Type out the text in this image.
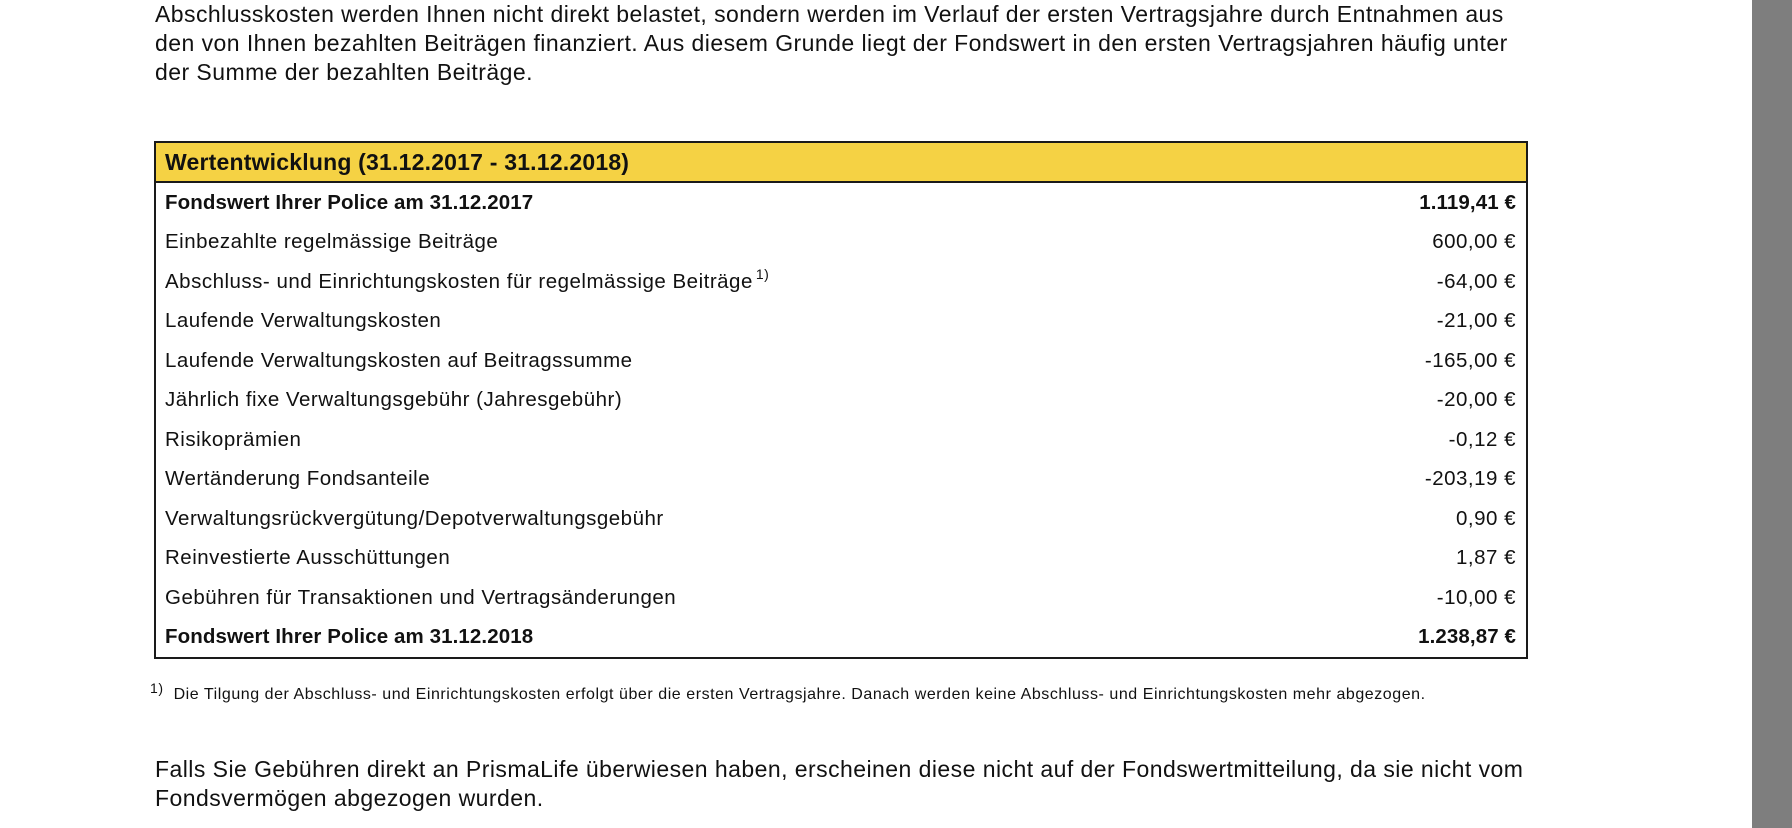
Abschlusskosten werden Ihnen nicht direkt belastet, sondern werden im Verlauf der ersten Vertragsjahre durch Entnahmen aus
den von Ihnen bezahlten Beiträgen finanziert. Aus diesem Grunde liegt der Fondswert in den ersten Vertragsjahren häufig unter
der Summe der bezahlten Beiträge.

Wertentwicklung (31.12.2017 - 31.12.2018)
Fondswert Ihrer Police am 31.12.2017	1.119,41 €
Einbezahlte regelmässige Beiträge	600,00 €
Abschluss- und Einrichtungskosten für regelmässige Beiträge $^{1)}$	-64,00 €
Laufende Verwaltungskosten	-21,00 €
Laufende Verwaltungskosten auf Beitragssumme	-165,00 €
Jährlich fixe Verwaltungsgebühr (Jahresgebühr)	-20,00 €
Risikoprämien	-0,12 €
Wertänderung Fondsanteile	-203,19 €
Verwaltungsrückvergütung/Depotverwaltungsgebühr	0,90 €
Reinvestierte Ausschüttungen	1,87 €
Gebühren für Transaktionen und Vertragsänderungen	-10,00 €
Fondswert Ihrer Police am 31.12.2018	1.238,87 €
1) Die Tilgung der Abschluss- und Einrichtungskosten erfolgt über die ersten Vertragsjahre. Danach werden keine Abschluss- und Einrichtungskosten mehr abgezogen.

Falls Sie Gebühren direkt an PrismaLife überwiesen haben, erscheinen diese nicht auf der Fondswertmitteilung, da sie nicht vom
Fondsvermögen abgezogen wurden.
